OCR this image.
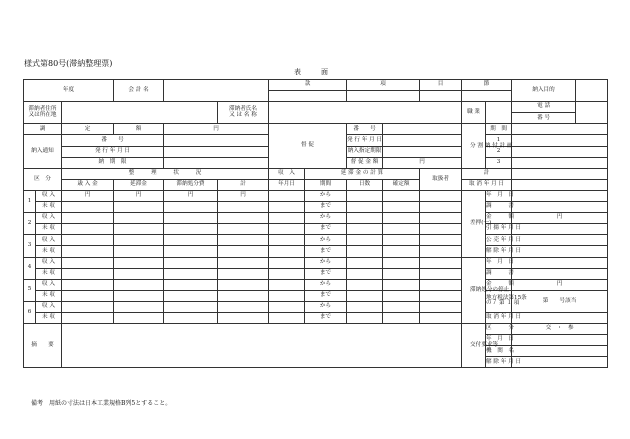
様式第80号(滞納整理票)
表　　面
年度			会 計 名			款		項		目	節		納入目的	

滞納者住所
又は所在地					滞納者氏名
又 は 名 称						職 業		電 話	
													番 号	
調		定	額	円		督 促		番　　号			分 割 納 付 計 画	期　間		
納入通知		番　　号						発 行 年 月 日				1		
		発 行 年 月 日						納入指定期限				2		
		納　期　限						督 促 金 額	円			3		
区　分		整　　　理　　　状　　　況				収　入	延 滞 金 の 計 算			取扱者	計			
		歳 入 金	延滞金	滞納処分費	計	年月日	期間	日数	確定額		取 消 年 月 日			
1	収 入	円	円	円	円		から				差押(一)	年　月　日		
	未 収						まで					調　　　書		
2	収 入						から					金　　　額	円	
	未 収						まで					引 揚 年 月 日		
3	収 入						から					公 売 年 月 日		
	未 収						まで					解 除 年 月 日		
4	収 入						から				滞納処分の停止	年　月　日		
	未 収						まで					調　　　書		
5	収 入						から					金　　　額	円	
	未 収						まで					地方税法第15条
の７ 第 １ 項	第　　号該当	
6	収 入						から							
	未 収						まで					取 消 年 月 日		
摘　　要											交付要求等	区　　　分	交　・　参	
												年　月　日		
												機　関　名		
												解 除 年 月 日		
備考　用紙の寸法は日本工業規格B列5とすること。
